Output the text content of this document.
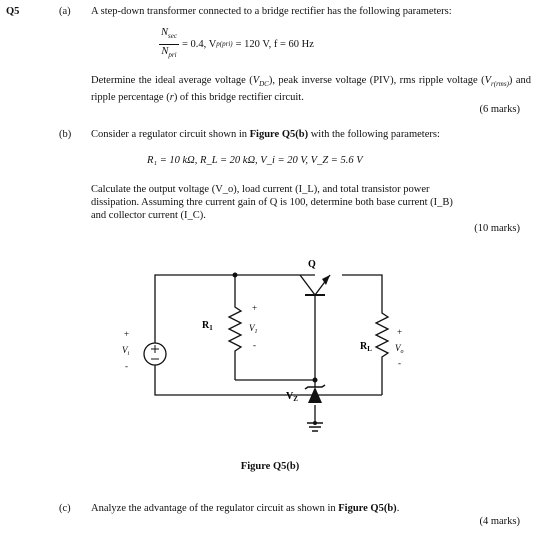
Q5	(a) A step-down transformer connected to a bridge rectifier has the following parameters:
$\frac{N_{sec}}{N_{pri}} = 0.4$, V p(pri) = 120 V, f = 60 Hz
Determine the ideal average voltage $(V_{DC})$, peak inverse voltage (PIV), rms ripple voltage $(V_{r(rms)})$ and ripple percentage (r) of this bridge rectifier circuit.
(6 marks)
(b) Consider a regulator circuit shown in Figure Q5(b) with the following parameters:
R₁ = 10 kΩ, R_L = 20 kΩ, V_i = 20 V, V_Z = 5.6 V
Calculate the output voltage (V_o), load current (I_L), and total transistor power
dissipation. Assuming thre current gain of Q is 100, determine both base current (I_B)
and collector current (I_C).
(10 marks)
Q
$R_1$
+
$V_1$
-	$R_L$
+
$V_o$
-
+
$V_i$
-
$V_Z$
Figure Q5(b)
(c) Analyze the advantage of the regulator circuit as shown in Figure Q5(b).
(4 marks)
